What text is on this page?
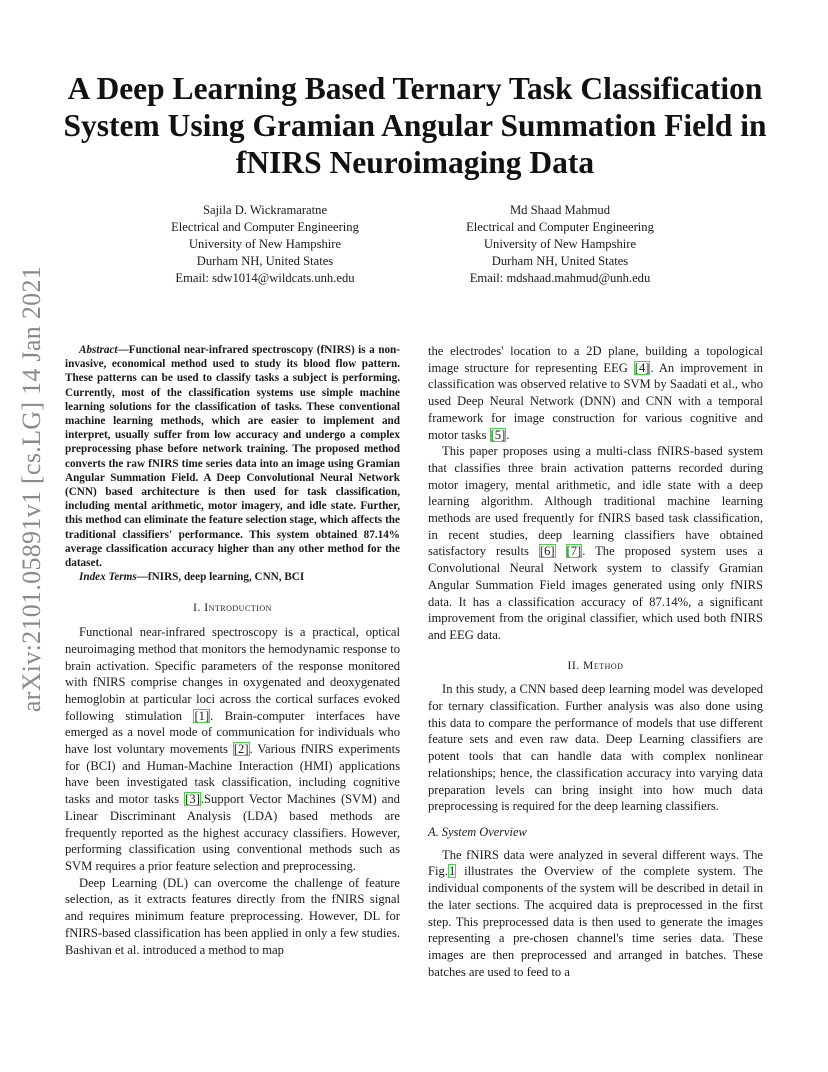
arXiv:2101.05891v1 [cs.LG] 14 Jan 2021
A Deep Learning Based Ternary Task Classification
System Using Gramian Angular Summation Field in
fNIRS Neuroimaging Data
Sajila D. Wickramaratne
Electrical and Computer Engineering
University of New Hampshire
Durham NH, United States
Email: sdw1014@wildcats.unh.edu
Md Shaad Mahmud
Electrical and Computer Engineering
University of New Hampshire
Durham NH, United States
Email: mdshaad.mahmud@unh.edu

Abstract—Functional near-infrared spectroscopy (fNIRS) is a non-invasive, economical method used to study its blood flow pattern. These patterns can be used to classify tasks a subject is performing. Currently, most of the classification systems use simple machine learning solutions for the classification of tasks. These conventional machine learning methods, which are easier to implement and interpret, usually suffer from low accuracy and undergo a complex preprocessing phase before network training. The proposed method converts the raw fNIRS time series data into an image using Gramian Angular Summation Field. A Deep Convolutional Neural Network (CNN) based architecture is then used for task classification, including mental arithmetic, motor imagery, and idle state. Further, this method can eliminate the feature selection stage, which affects the traditional classifiers' performance. This system obtained 87.14% average classification accuracy higher than any other method for the dataset.

Index Terms—fNIRS, deep learning, CNN, BCI

I. Introduction

Functional near-infrared spectroscopy is a practical, optical neuroimaging method that monitors the hemodynamic response to brain activation. Specific parameters of the response monitored with fNIRS comprise changes in oxygenated and deoxygenated hemoglobin at particular loci across the cortical surfaces evoked following stimulation [1]. Brain-computer interfaces have emerged as a novel mode of communication for individuals who have lost voluntary movements [2]. Various fNIRS experiments for (BCI) and Human-Machine Interaction (HMI) applications have been investigated task classification, including cognitive tasks and motor tasks [3].Support Vector Machines (SVM) and Linear Discriminant Analysis (LDA) based methods are frequently reported as the highest accuracy classifiers. However, performing classification using conventional methods such as SVM requires a prior feature selection and preprocessing.

Deep Learning (DL) can overcome the challenge of feature selection, as it extracts features directly from the fNIRS signal and requires minimum feature preprocessing. However, DL for fNIRS-based classification has been applied in only a few studies. Bashivan et al. introduced a method to map

the electrodes' location to a 2D plane, building a topological image structure for representing EEG [4]. An improvement in classification was observed relative to SVM by Saadati et al., who used Deep Neural Network (DNN) and CNN with a temporal framework for image construction for various cognitive and motor tasks [5].

This paper proposes using a multi-class fNIRS-based system that classifies three brain activation patterns recorded during motor imagery, mental arithmetic, and idle state with a deep learning algorithm. Although traditional machine learning methods are used frequently for fNIRS based task classification, in recent studies, deep learning classifiers have obtained satisfactory results [6] [7]. The proposed system uses a Convolutional Neural Network system to classify Gramian Angular Summation Field images generated using only fNIRS data. It has a classification accuracy of 87.14%, a significant improvement from the original classifier, which used both fNIRS and EEG data.

II. Method

In this study, a CNN based deep learning model was developed for ternary classification. Further analysis was also done using this data to compare the performance of models that use different feature sets and even raw data. Deep Learning classifiers are potent tools that can handle data with complex nonlinear relationships; hence, the classification accuracy into varying data preparation levels can bring insight into how much data preprocessing is required for the deep learning classifiers.

A. System Overview

The fNIRS data were analyzed in several different ways. The Fig.1 illustrates the Overview of the complete system. The individual components of the system will be described in detail in the later sections. The acquired data is preprocessed in the first step. This preprocessed data is then used to generate the images representing a pre-chosen channel's time series data. These images are then preprocessed and arranged in batches. These batches are used to feed to a
